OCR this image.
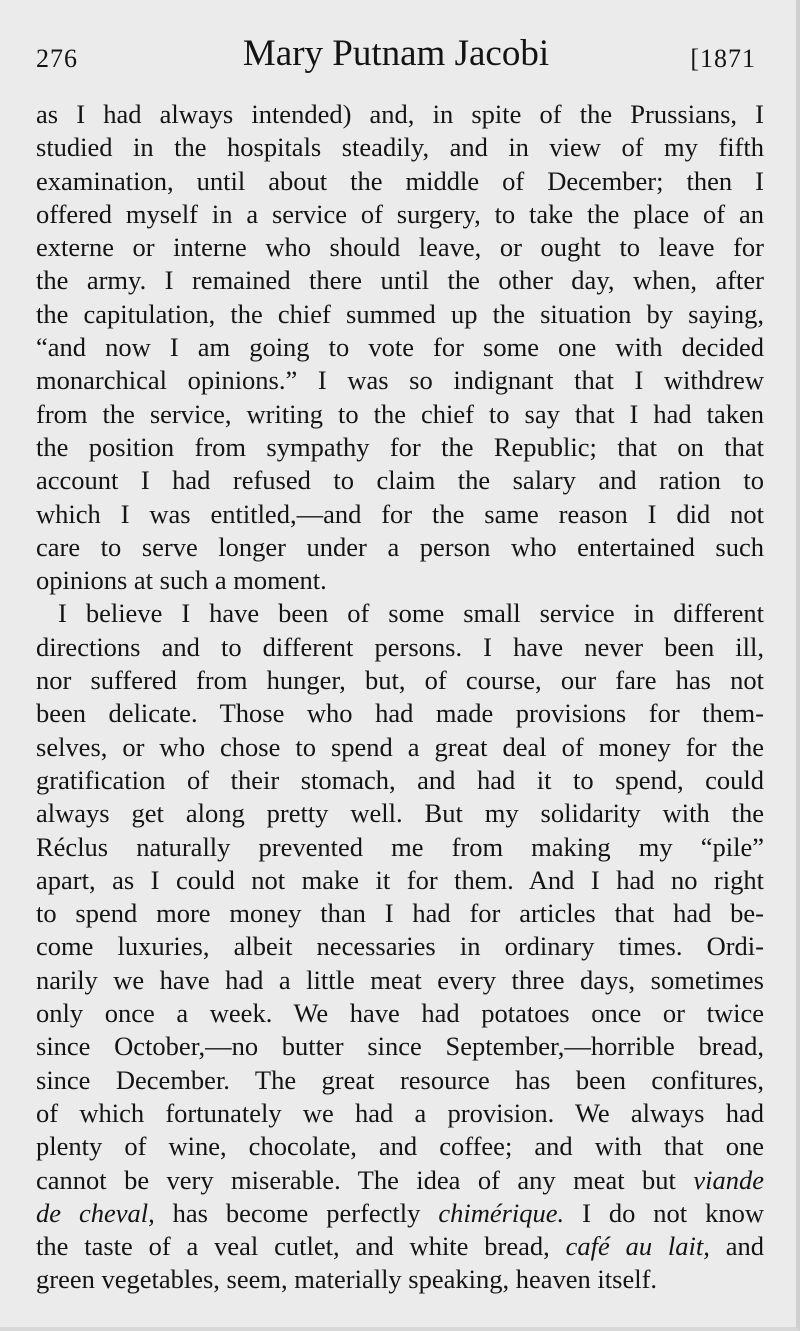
276	Mary Putnam Jacobi	[1871
as I had always intended) and, in spite of the Prussians, I
studied in the hospitals steadily, and in view of my fifth
examination, until about the middle of December; then I
offered myself in a service of surgery, to take the place of an
externe or interne who should leave, or ought to leave for
the army. I remained there until the other day, when, after
the capitulation, the chief summed up the situation by saying,
“and now I am going to vote for some one with decided
monarchical opinions.” I was so indignant that I withdrew
from the service, writing to the chief to say that I had taken
the position from sympathy for the Republic; that on that
account I had refused to claim the salary and ration to
which I was entitled,—and for the same reason I did not
care to serve longer under a person who entertained such
opinions at such a moment.
I believe I have been of some small service in different
directions and to different persons. I have never been ill,
nor suffered from hunger, but, of course, our fare has not
been delicate. Those who had made provisions for them-
selves, or who chose to spend a great deal of money for the
gratification of their stomach, and had it to spend, could
always get along pretty well. But my solidarity with the
Réclus naturally prevented me from making my “pile”
apart, as I could not make it for them. And I had no right
to spend more money than I had for articles that had be-
come luxuries, albeit necessaries in ordinary times. Ordi-
narily we have had a little meat every three days, sometimes
only once a week. We have had potatoes once or twice
since October,—no butter since September,—horrible bread,
since December. The great resource has been confitures,
of which fortunately we had a provision. We always had
plenty of wine, chocolate, and coffee; and with that one
cannot be very miserable. The idea of any meat but viande
de cheval, has become perfectly chimérique. I do not know
the taste of a veal cutlet, and white bread, café au lait, and
green vegetables, seem, materially speaking, heaven itself.
